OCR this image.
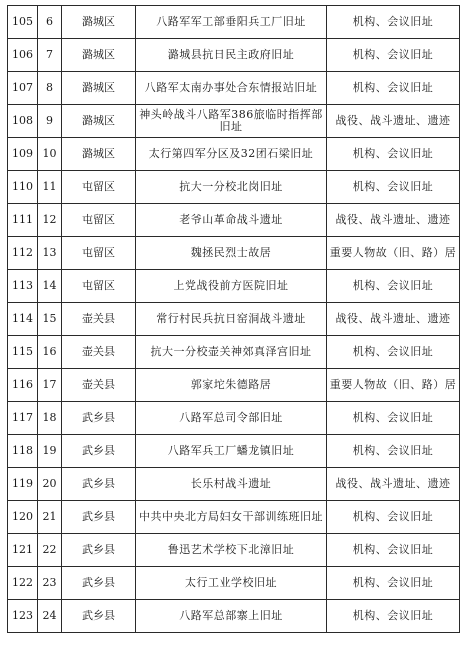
105	6	潞城区	八路军军工部垂阳兵工厂旧址	机构、会议旧址
106	7	潞城区	潞城县抗日民主政府旧址	机构、会议旧址
107	8	潞城区	八路军太南办事处合东情报站旧址	机构、会议旧址
108	9	潞城区	神头岭战斗八路军386旅临时指挥部旧址	战役、战斗遗址、遗迹
109	10	潞城区	太行第四军分区及32团石梁旧址	机构、会议旧址
110	11	屯留区	抗大一分校北岗旧址	机构、会议旧址
111	12	屯留区	老爷山革命战斗遗址	战役、战斗遗址、遗迹
112	13	屯留区	魏拯民烈士故居	重要人物故（旧、路）居
113	14	屯留区	上党战役前方医院旧址	机构、会议旧址
114	15	壶关县	常行村民兵抗日窑洞战斗遗址	战役、战斗遗址、遗迹
115	16	壶关县	抗大一分校壶关神郊真泽宫旧址	机构、会议旧址
116	17	壶关县	郭家坨朱德路居	重要人物故（旧、路）居
117	18	武乡县	八路军总司令部旧址	机构、会议旧址
118	19	武乡县	八路军兵工厂蟠龙镇旧址	机构、会议旧址
119	20	武乡县	长乐村战斗遗址	战役、战斗遗址、遗迹
120	21	武乡县	中共中央北方局妇女干部训练班旧址	机构、会议旧址
121	22	武乡县	鲁迅艺术学校下北漳旧址	机构、会议旧址
122	23	武乡县	太行工业学校旧址	机构、会议旧址
123	24	武乡县	八路军总部寨上旧址	机构、会议旧址
